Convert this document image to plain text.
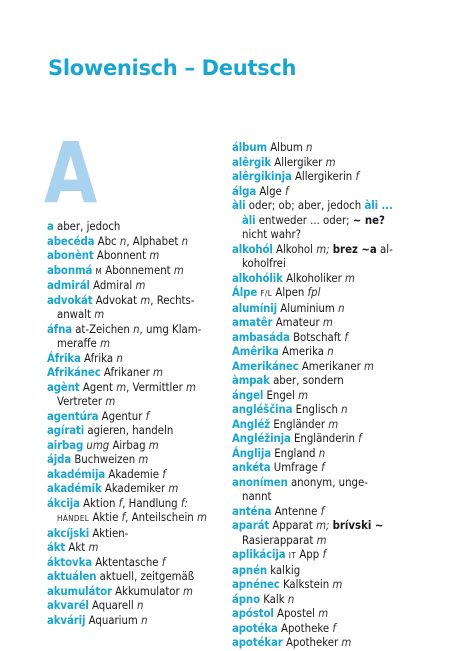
Slowenisch – Deutsch
A
a aber, jedoch
abecéda Abc n, Alphabet n
abonènt Abonnent m
abonmá M Abonnement m
admirál Admiral m
advokát Advokat m, Rechts-
anwalt m
áfna at-Zeichen n, umg Klam-
meraffe m
Áfrika Afrika n
Afrikánec Afrikaner m
agènt Agent m, Vermittler m
Vertreter m
agentúra Agentur f
agírati agieren, handeln
airbag umg Airbag m
ájda Buchweizen m
akadémija Akademie f
akadémik Akademiker m
ákcija Aktion f, Handlung f:
HANDEL Aktie f, Anteilschein m
akcíjski Aktien-
ákt Akt m
áktovka Aktentasche f
aktuálen aktuell, zeitgemäß
akumulátor Akkumulator m
akvarél Aquarell n
akvárij Aquarium n
álbum Album n
alêrgik Allergiker m
alêrgikinja Allergikerin f
álga Alge f
àli oder; ob; aber, jedoch àli ...
àli entweder ... oder; ~ ne?
nicht wahr?
alkohól Alkohol m; brez ~a al-
koholfrei
alkohólik Alkoholiker m
Álpe F/L Alpen fpl
alumínij Aluminium n
amatêr Amateur m
ambasáda Botschaft f
Amêrika Amerika n
Amerikánec Amerikaner m
àmpak aber, sondern
ángel Engel m
angléščina Englisch n
Angléž Engländer m
Angléžinja Engländerin f
Ánglija England n
ankéta Umfrage f
anonímen anonym, unge-
nannt
anténa Antenne f
aparát Apparat m; brívski ~
Rasierapparat m
aplikácija IT App f
apnén kalkig
apnénec Kalkstein m
ápno Kalk n
apóstol Apostel m
apotéka Apotheke f
apotékar Apotheker m
